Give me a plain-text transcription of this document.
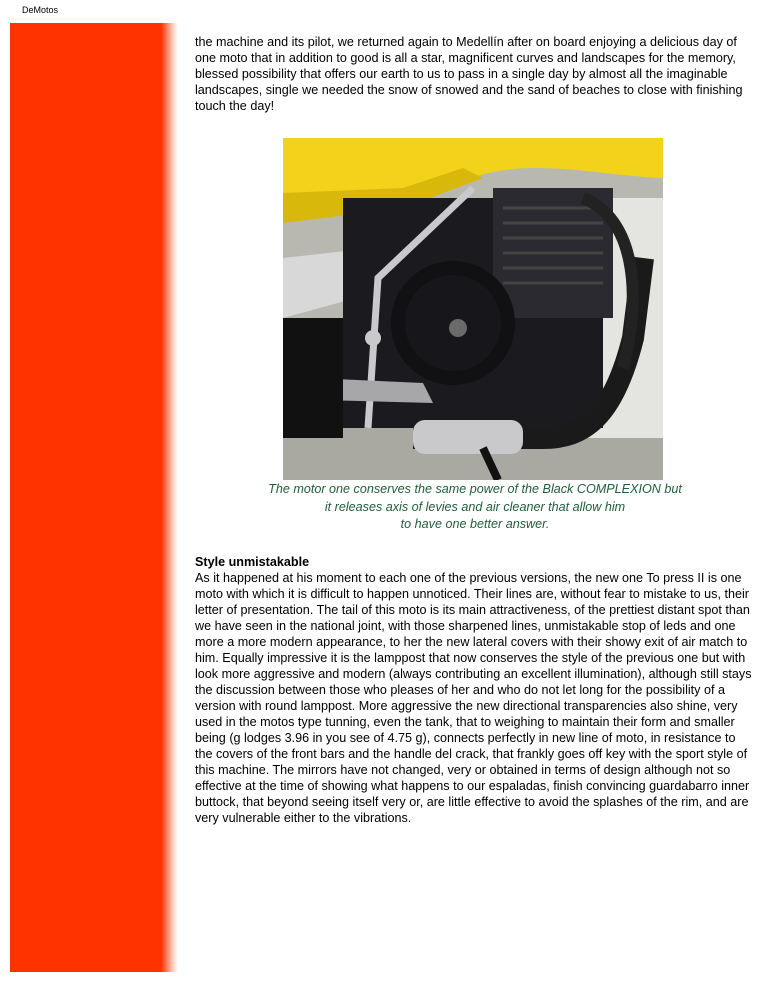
DeMotos

the machine and its pilot, we returned again to Medellín after on board enjoying a delicious day of one moto that in addition to good is all a star, magnificent curves and landscapes for the memory, blessed possibility that offers our earth to us to pass in a single day by almost all the imaginable landscapes, single we needed the snow of snowed and the sand of beaches to close with finishing touch the day!

The motor one conserves the same power of the Black COMPLEXION but
it releases axis of levies and air cleaner that allow him
to have one better answer.

Style unmistakable

As it happened at his moment to each one of the previous versions, the new one To press II is one moto with which it is difficult to happen unnoticed. Their lines are, without fear to mistake to us, their letter of presentation. The tail of this moto is its main attractiveness, of the prettiest distant spot than we have seen in the national joint, with those sharpened lines, unmistakable stop of leds and one more a more modern appearance, to her the new lateral covers with their showy exit of air match to him. Equally impressive it is the lamppost that now conserves the style of the previous one but with look more aggressive and modern (always contributing an excellent illumination), although still stays the discussion between those who pleases of her and who do not let long for the possibility of a version with round lamppost. More aggressive the new directional transparencies also shine, very used in the motos type tunning, even the tank, that to weighing to maintain their form and smaller being (g lodges 3.96 in you see of 4.75 g), connects perfectly in new line of moto, in resistance to the covers of the front bars and the handle del crack, that frankly goes off key with the sport style of this machine. The mirrors have not changed, very or obtained in terms of design although not so effective at the time of showing what happens to our espaladas, finish convincing guardabarro inner buttock, that beyond seeing itself very or, are little effective to avoid the splashes of the rim, and are very vulnerable either to the vibrations.
